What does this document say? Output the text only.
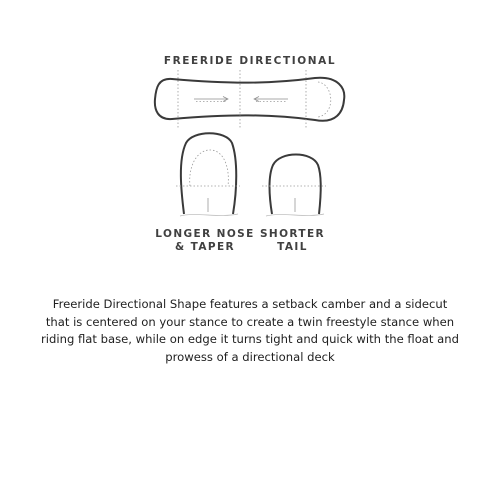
FREERIDE DIRECTIONAL
LONGER NOSE
& TAPER
SHORTER
TAIL
Freeride Directional Shape features a setback camber and a sidecut that is centered on your stance to create a twin freestyle stance when riding flat base, while on edge it turns tight and quick with the float and prowess of a directional deck
